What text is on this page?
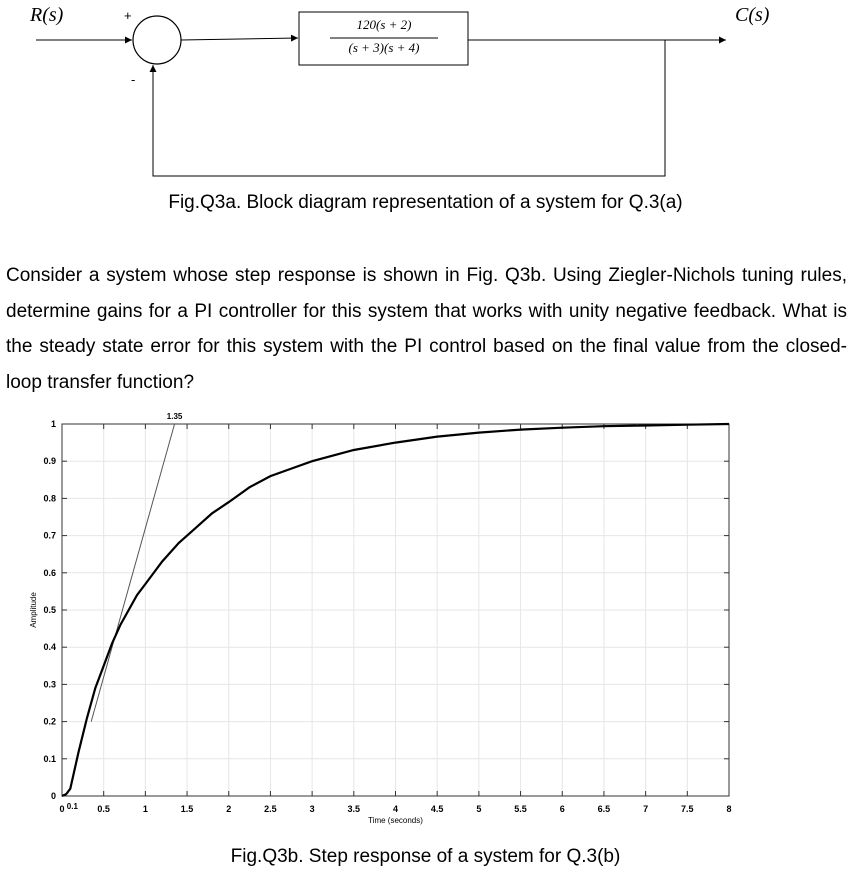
R(s)	C(s)
+
-
120(s + 2)
(s + 3)(s + 4)
Fig.Q3a. Block diagram representation of a system for Q.3(a)
Consider a system whose step response is shown in Fig. Q3b. Using Ziegler-Nichols tuning rules, determine gains for a PI controller for this system that works with unity negative feedback. What is the steady state error for this system with the PI control based on the final value from the closed-loop transfer function?
0	0.5	1	1.5	2	2.5	3	3.5	4	4.5	5	5.5	6	6.5	7	7.5	8
0
0.1
0.2
0.3
0.4
0.5
0.6
0.7
0.8
0.9
1
0.1
1.35
Time (seconds)
Amplitude
Fig.Q3b. Step response of a system for Q.3(b)
